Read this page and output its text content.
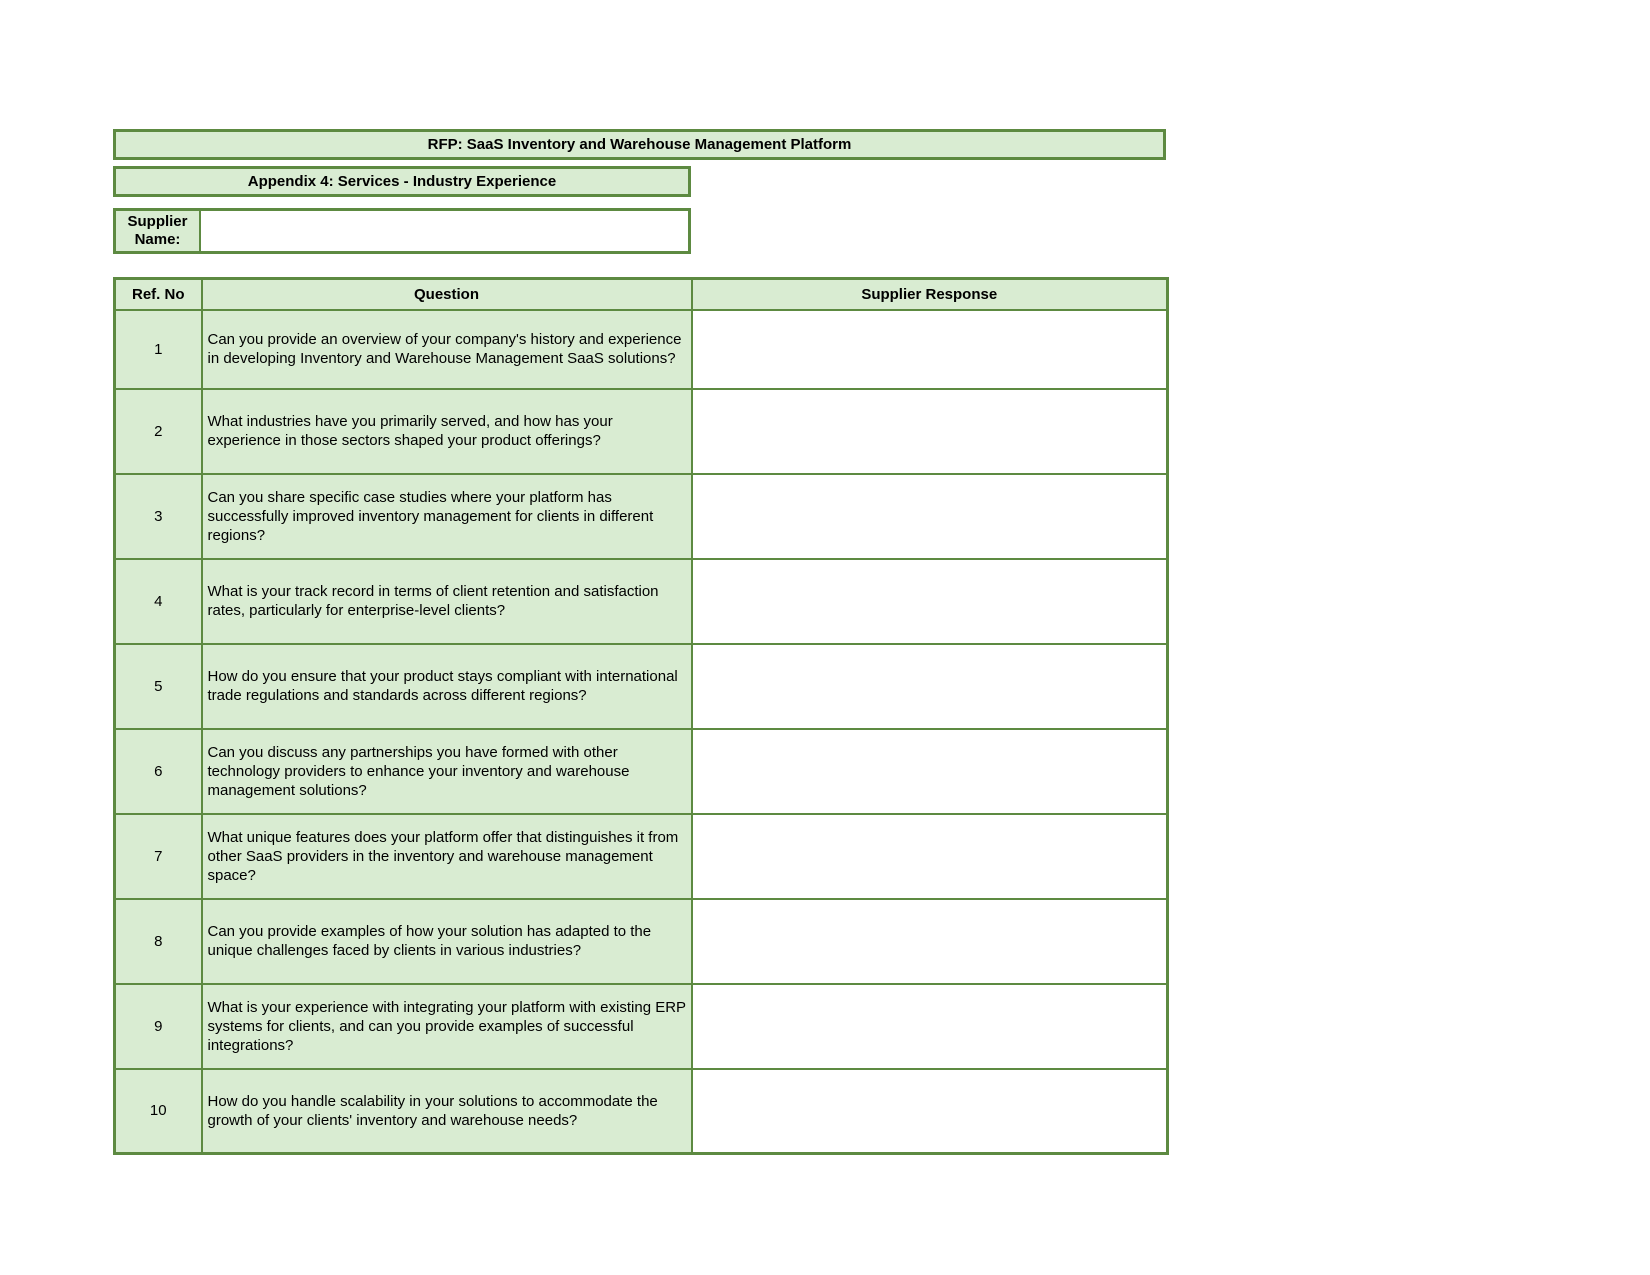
RFP: SaaS Inventory and Warehouse Management Platform
Appendix 4: Services - Industry Experience
Supplier Name:
Ref. No	Question	Supplier Response
1	Can you provide an overview of your company's history and experience in developing Inventory and Warehouse Management SaaS solutions?	
2	What industries have you primarily served, and how has your experience in those sectors shaped your product offerings?	
3	Can you share specific case studies where your platform has successfully improved inventory management for clients in different regions?	
4	What is your track record in terms of client retention and satisfaction rates, particularly for enterprise-level clients?	
5	How do you ensure that your product stays compliant with international trade regulations and standards across different regions?	
6	Can you discuss any partnerships you have formed with other technology providers to enhance your inventory and warehouse management solutions?	
7	What unique features does your platform offer that distinguishes it from other SaaS providers in the inventory and warehouse management space?	
8	Can you provide examples of how your solution has adapted to the unique challenges faced by clients in various industries?	
9	What is your experience with integrating your platform with existing ERP systems for clients, and can you provide examples of successful integrations?	
10	How do you handle scalability in your solutions to accommodate the growth of your clients' inventory and warehouse needs?	
